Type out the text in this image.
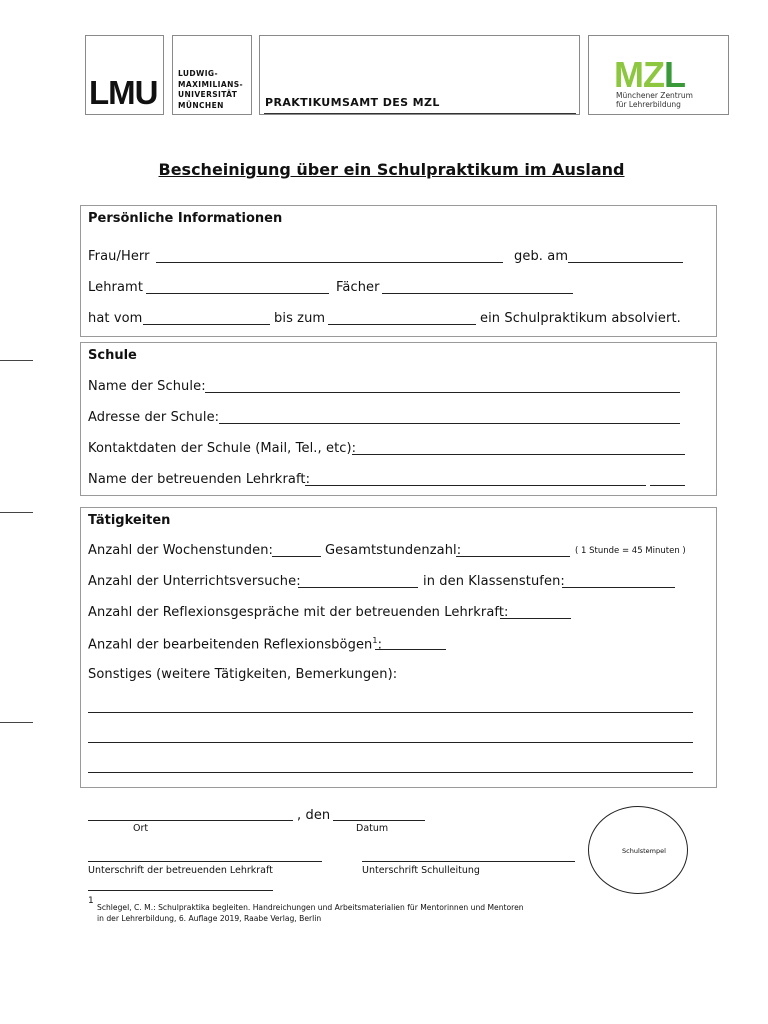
LMU
LUDWIG-
MAXIMILIANS-
UNIVERSITÄT
MÜNCHEN	PRAKTIKUMSAMT DES MZL
MZL
Münchener Zentrum
für Lehrerbildung
Bescheinigung über ein Schulpraktikum im Ausland
Persönliche Informationen
Frau/Herr	geb. am
Lehramt	Fächer
hat vom	bis zum	ein Schulpraktikum absolviert.
Schule
Name der Schule:
Adresse der Schule:
Kontaktdaten der Schule (Mail, Tel., etc):
Name der betreuenden Lehrkraft:
Tätigkeiten
Anzahl der Wochenstunden:	Gesamtstundenzahl:	( 1 Stunde = 45 Minuten )
Anzahl der Unterrichtsversuche:	in den Klassenstufen:
Anzahl der Reflexionsgespräche mit der betreuenden Lehrkraft:
Anzahl der bearbeitenden Reflexionsbögen$^1$:
Sonstiges (weitere Tätigkeiten, Bemerkungen):
, den
Ort	Datum
Unterschrift der betreuenden Lehrkraft	Unterschrift Schulleitung
Schulstempel
1
Schlegel, C. M.: Schulpraktika begleiten. Handreichungen und Arbeitsmaterialien für Mentorinnen und Mentoren
in der Lehrerbildung, 6. Auflage 2019, Raabe Verlag, Berlin
